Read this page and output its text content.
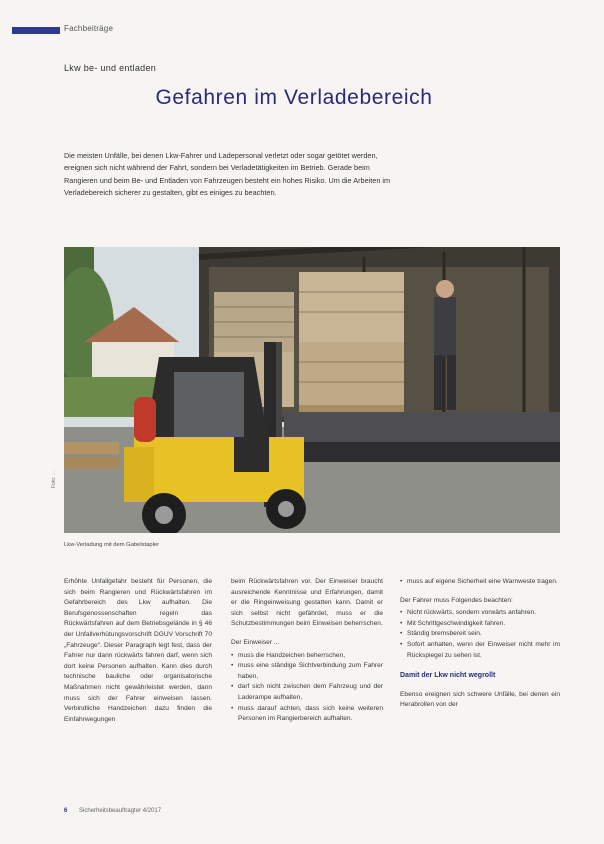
Fachbeiträge
Lkw be- und entladen
Gefahren im Verladebereich
Die meisten Unfälle, bei denen Lkw-Fahrer und Ladepersonal verletzt oder sogar getötet werden, ereignen sich nicht während der Fahrt, sondern bei Verladetätigkeiten im Betrieb. Gerade beim Rangieren und beim Be- und Entladen von Fahrzeugen besteht ein hohes Risiko. Um die Arbeiten im Verladebereich sicherer zu gestalten, gibt es einiges zu beachten.
Foto: ...
Lkw-Verladung mit dem Gabelstapler

Erhöhte Unfallgefahr besteht für Personen, die sich beim Rangieren und Rückwärtsfahren im Gefahrbereich des Lkw aufhalten. Die Berufsgenossenschaften regeln das Rückwärtsfahren auf dem Betriebsgelände in § 46 der Unfallverhütungsvorschrift DGUV Vorschrift 70 „Fahrzeuge“. Dieser Paragraph legt fest, dass der Fahrer nur dann rückwärts fahren darf, wenn sich dort keine Personen aufhalten. Kann dies durch technische bauliche oder organisatorische Maßnahmen nicht gewährleistet werden, dann muss sich der Fahrer einweisen lassen. Verbindliche Handzeichen dazu finden die Einfahrwegungen

beim Rückwärtsfahren vor. Der Einweiser braucht ausreichende Kenntnisse und Erfahrungen, damit er die Ringeinweisung gestatten kann. Damit er sich selbst nicht gefährdet, muss er die Schutzbestimmungen beim Einweisen beherrschen.

Der Einweiser ...

• muss die Handzeichen beherrschen,
• muss eine ständige Sichtverbindung zum Fahrer haben,
• darf sich nicht zwischen dem Fahrzeug und der Laderampe aufhalten,
• muss darauf achten, dass sich keine weiteren Personen im Rangierbereich aufhalten.
• muss auf eigene Sicherheit eine Warnweste tragen.

Der Fahrer muss Folgendes beachten:

• Nicht rückwärts, sondern vorwärts anfahren.
• Mit Schrittgeschwindigkeit fahren.
• Ständig bremsbereit sein.
• Sofort anhalten, wenn der Einweiser nicht mehr im Rückspiegel zu sehen ist.
Damit der Lkw nicht wegrollt

Ebenso ereignen sich schwere Unfälle, bei denen ein Herabrollen von der

6 Sicherheitsbeauftragter 4/2017
